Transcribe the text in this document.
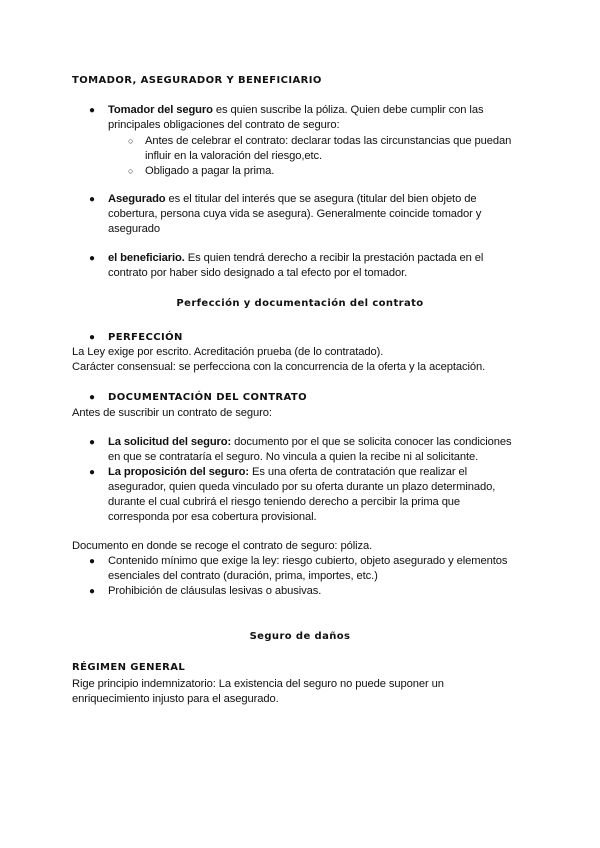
TOMADOR, ASEGURADOR Y BENEFICIARIO

● Tomador del seguro es quien suscribe la póliza. Quien debe cumplir con las

principales obligaciones del contrato de seguro:

○ Antes de celebrar el contrato: declarar todas las circunstancias que puedan

influir en la valoración del riesgo,etc.

○ Obligado a pagar la prima.

● Asegurado es el titular del interés que se asegura (titular del bien objeto de

cobertura, persona cuya vida se asegura). Generalmente coincide tomador y

asegurado

● el beneficiario. Es quien tendrá derecho a recibir la prestación pactada en el

contrato por haber sido designado a tal efecto por el tomador.

Perfección y documentación del contrato

● PERFECCIÓN

La Ley exige por escrito. Acreditación prueba (de lo contratado).

Carácter consensual: se perfecciona con la concurrencia de la oferta y la aceptación.

● DOCUMENTACIÓN DEL CONTRATO

Antes de suscribir un contrato de seguro:

● La solicitud del seguro: documento por el que se solicita conocer las condiciones

en que se contrataría el seguro. No vincula a quien la recibe ni al solicitante.

● La proposición del seguro: Es una oferta de contratación que realizar el

asegurador, quien queda vinculado por su oferta durante un plazo determinado,

durante el cual cubrirá el riesgo teniendo derecho a percibir la prima que

corresponda por esa cobertura provisional.

Documento en donde se recoge el contrato de seguro: póliza.

● Contenido mínimo que exige la ley: riesgo cubierto, objeto asegurado y elementos

esenciales del contrato (duración, prima, importes, etc.)

● Prohibición de cláusulas lesivas o abusivas.

Seguro de daños

RÉGIMEN GENERAL

Rige principio indemnizatorio: La existencia del seguro no puede suponer un

enriquecimiento injusto para el asegurado.
